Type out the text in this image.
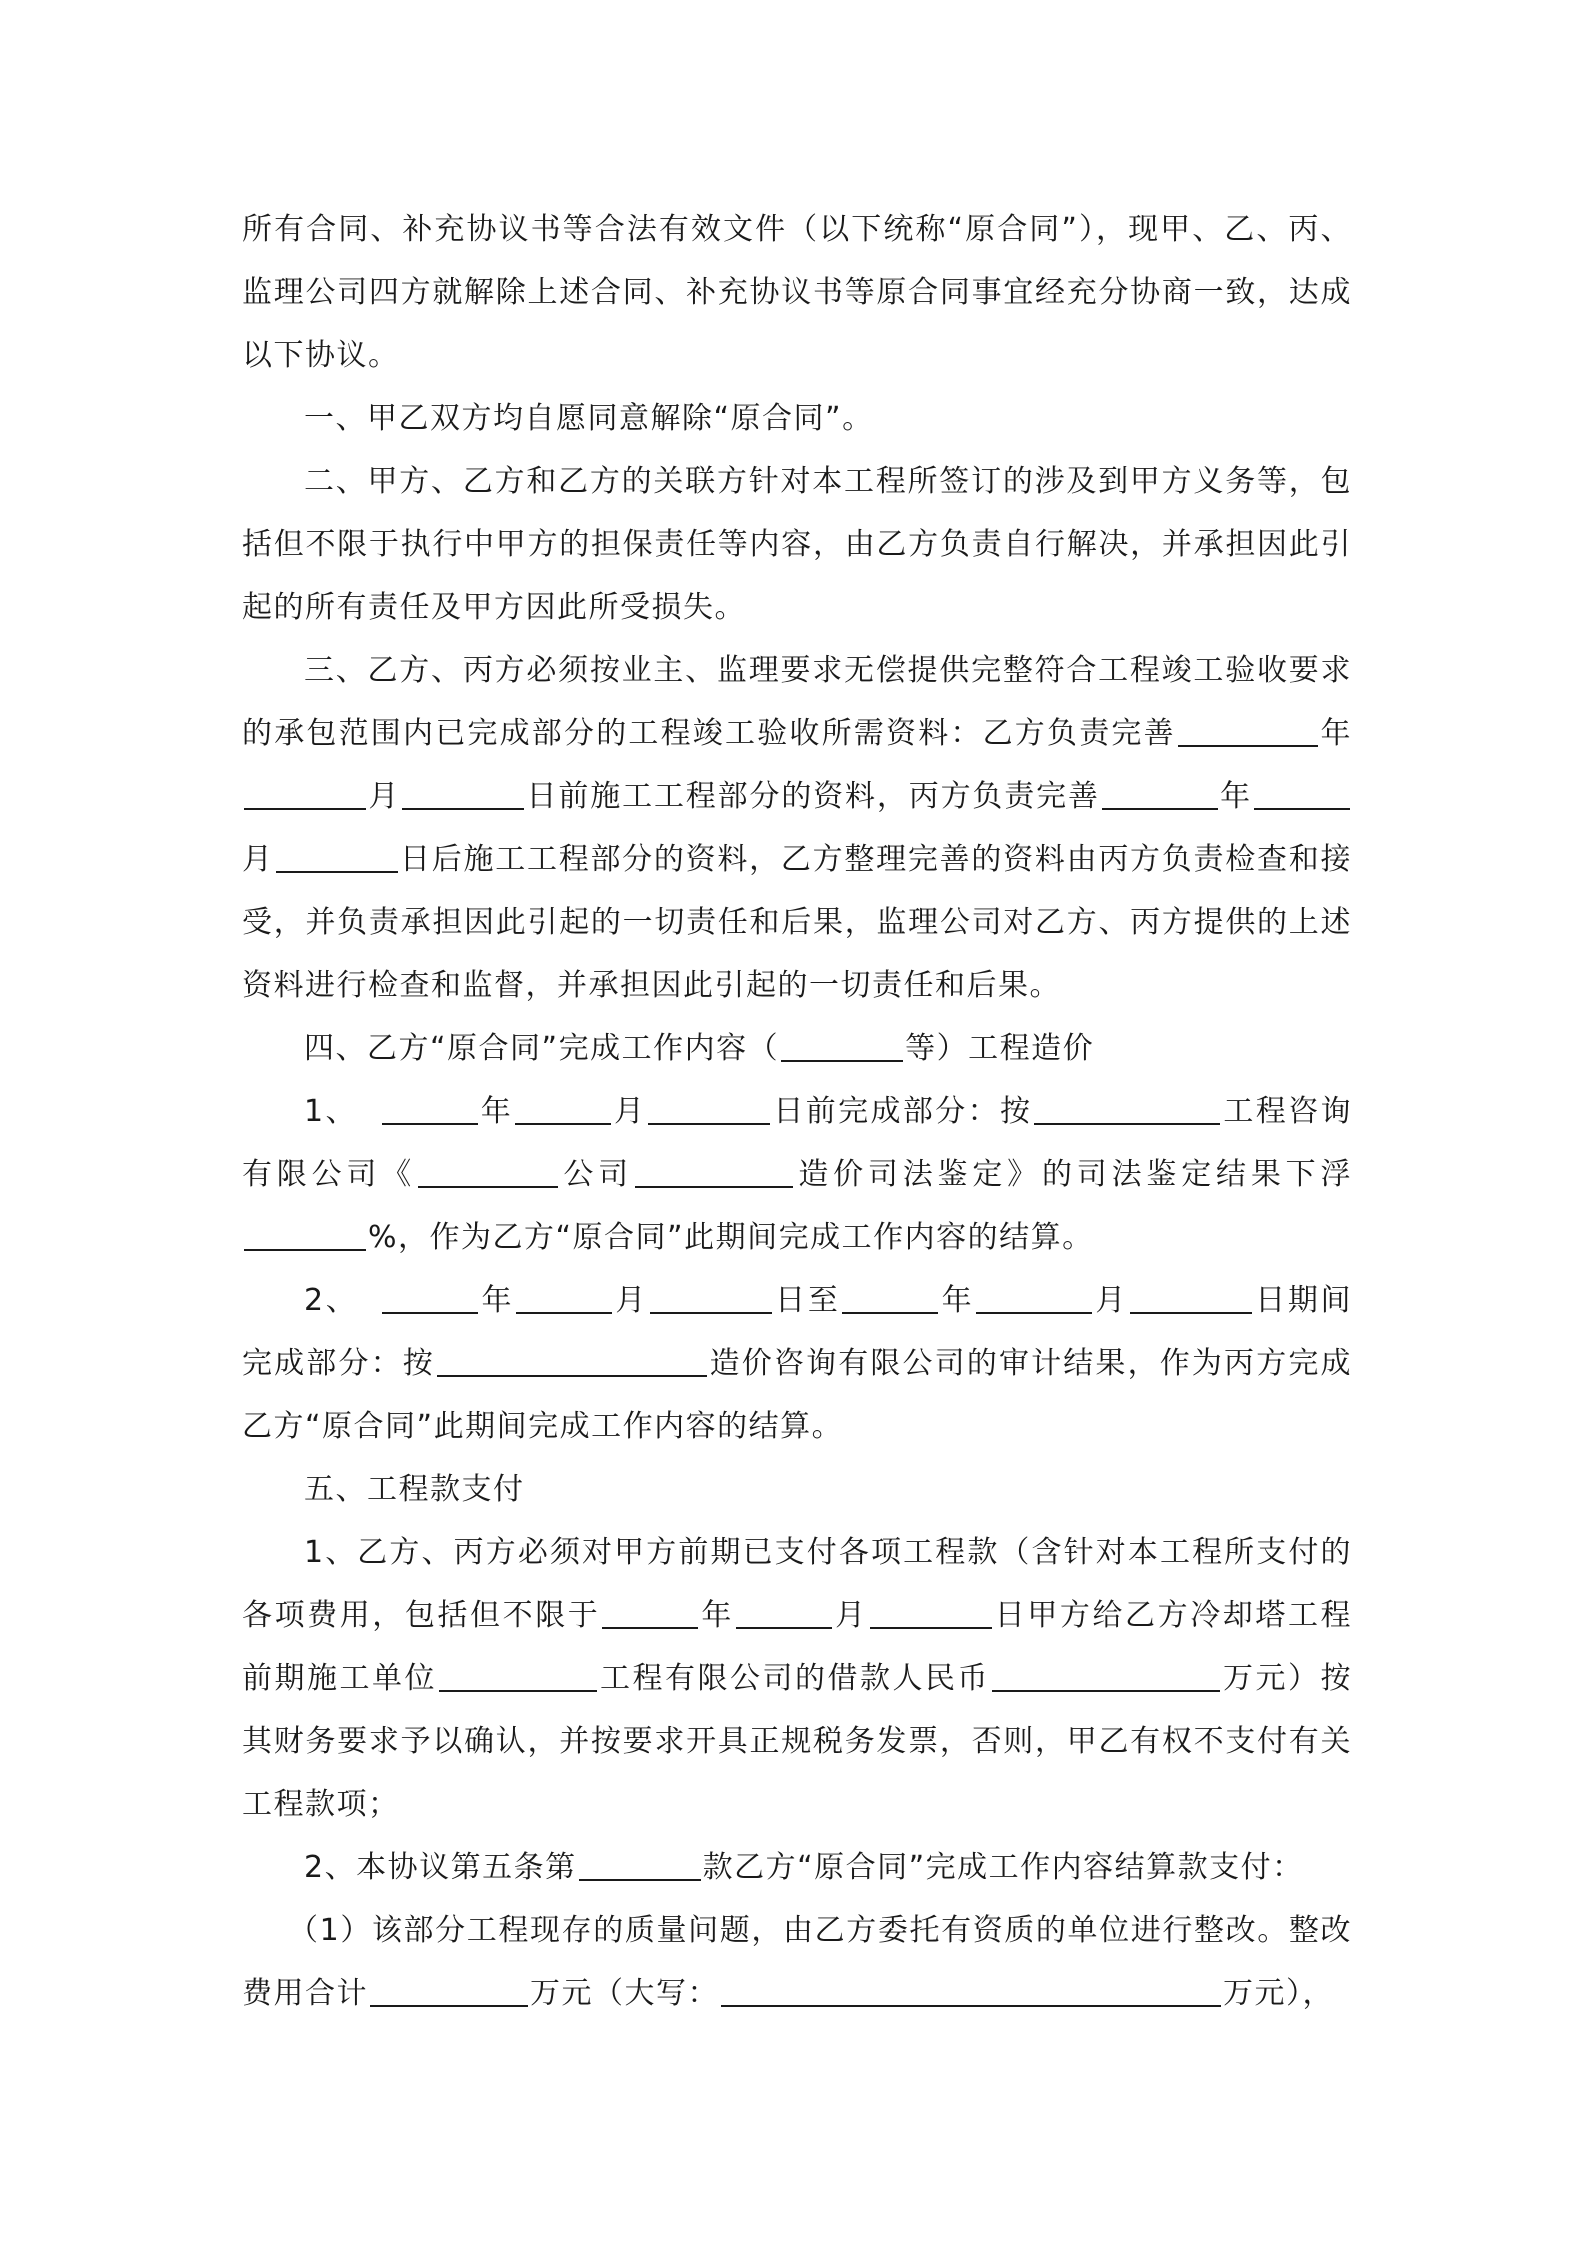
所有合同、补充协议书等合法有效文件（以下统称“原合同”），现甲、乙、丙、监理公司四方就解除上述合同、补充协议书等原合同事宜经充分协商一致，达成以下协议。

一、甲乙双方均自愿同意解除“原合同”。

二、甲方、乙方和乙方的关联方针对本工程所签订的涉及到甲方义务等，包括但不限于执行中甲方的担保责任等内容，由乙方负责自行解决，并承担因此引起的所有责任及甲方因此所受损失。

三、乙方、丙方必须按业主、监理要求无偿提供完整符合工程竣工验收要求的承包范围内已完成部分的工程竣工验收所需资料：乙方负责完善	年月	日前施工工程部分的资料，丙方负责完善	年月	日后施工工程部分的资料，乙方整理完善的资料由丙方负责检查和接受，并负责承担因此引起的一切责任和后果，监理公司对乙方、丙方提供的上述资料进行检查和监督，并承担因此引起的一切责任和后果。

四、乙方“原合同”完成工作内容（	等）工程造价

1、	年	月	日前完成部分：按	工程咨询有限公司《	公司	造价司法鉴定》的司法鉴定结果下浮%，作为乙方“原合同”此期间完成工作内容的结算。

2、	年	月	日至	年	月	日期间完成部分：按	造价咨询有限公司的审计结果，作为丙方完成乙方“原合同”此期间完成工作内容的结算。

五、工程款支付

1、乙方、丙方必须对甲方前期已支付各项工程款（含针对本工程所支付的各项费用，包括但不限于	年	月	日甲方给乙方冷却塔工程前期施工单位	工程有限公司的借款人民币	万元）按其财务要求予以确认，并按要求开具正规税务发票，否则，甲乙有权不支付有关工程款项；

2、本协议第五条第	款乙方“原合同”完成工作内容结算款支付：

（1）该部分工程现存的质量问题，由乙方委托有资质的单位进行整改。整改费用合计	万元（大写：	万元），
